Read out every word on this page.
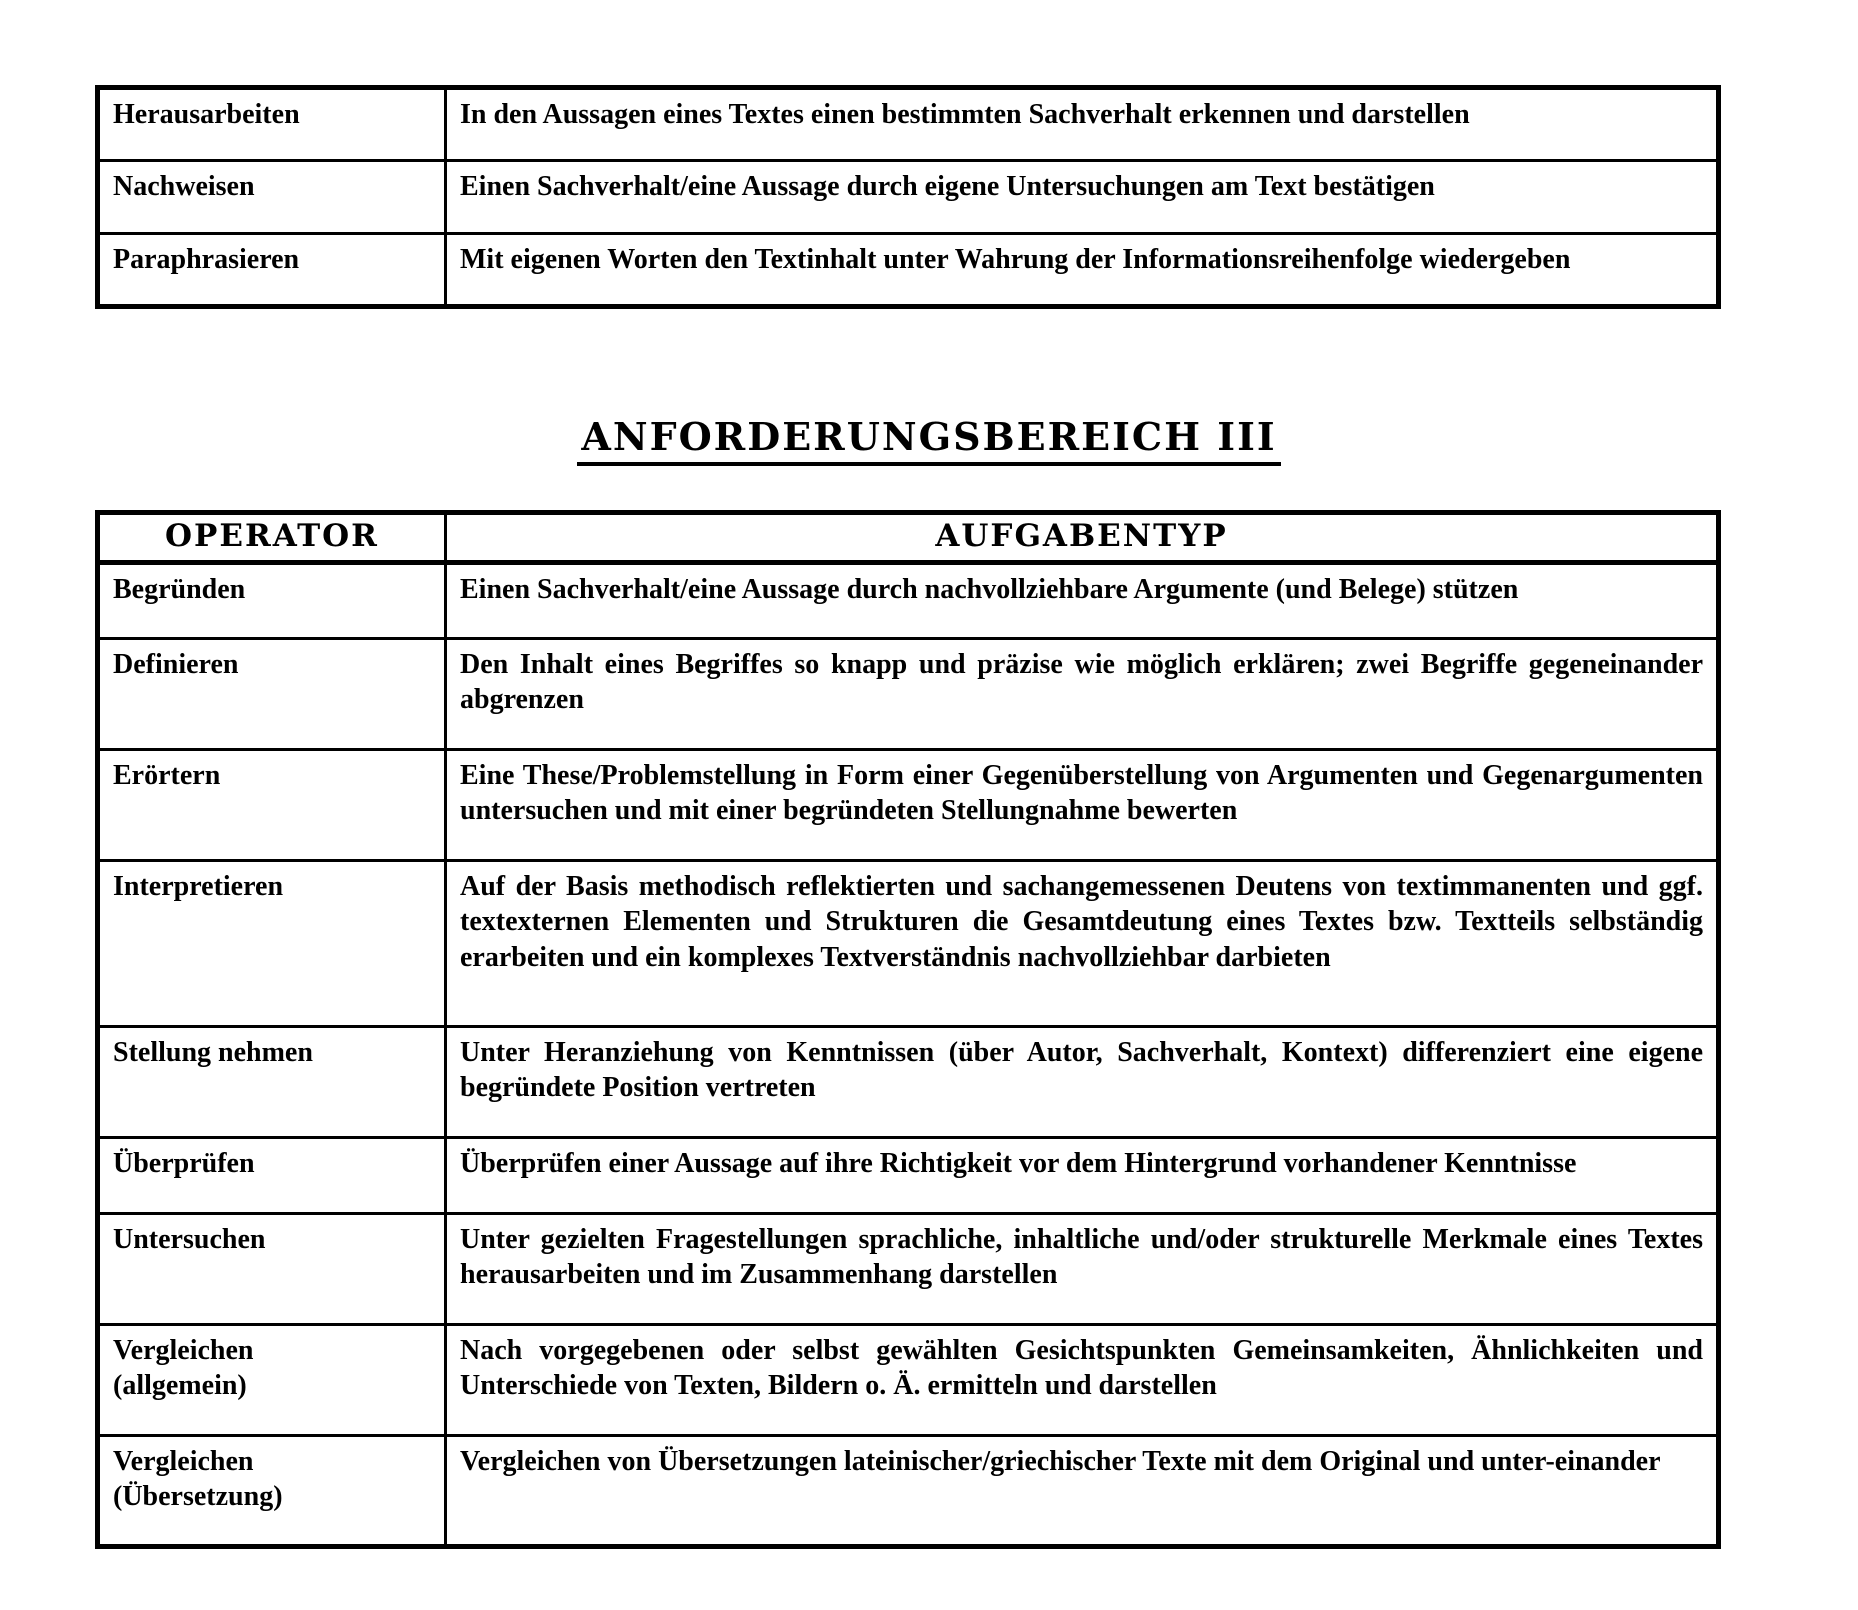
Herausarbeiten	In den Aussagen eines Textes einen bestimmten Sachverhalt erkennen und darstellen

Nachweisen	Einen Sachverhalt/eine Aussage durch eigene Untersuchungen am Text bestätigen

Paraphrasieren	Mit eigenen Worten den Textinhalt unter Wahrung der Informationsreihenfolge wiedergeben
ANFORDERUNGSBEREICH III
OPERATOR	AUFGABENTYP

Begründen	Einen Sachverhalt/eine Aussage durch nachvollziehbare Argumente (und Belege) stützen

Definieren	Den Inhalt eines Begriffes so knapp und präzise wie möglich erklären; zwei Begriffe gegeneinander abgrenzen

Erörtern	Eine These/Problemstellung in Form einer Gegenüberstellung von Argumenten und Gegenargumenten untersuchen und mit einer begründeten Stellungnahme bewerten

Interpretieren	Auf der Basis methodisch reflektierten und sachangemessenen Deutens von textimmanenten und ggf. textexternen Elementen und Strukturen die Gesamtdeutung eines Textes bzw. Textteils selbständig erarbeiten und ein komplexes Textverständnis nachvollziehbar darbieten

Stellung nehmen	Unter Heranziehung von Kenntnissen (über Autor, Sachverhalt, Kontext) differenziert eine eigene begründete Position vertreten

Überprüfen	Überprüfen einer Aussage auf ihre Richtigkeit vor dem Hintergrund vorhandener Kenntnisse

Untersuchen	Unter gezielten Fragestellungen sprachliche, inhaltliche und/oder strukturelle Merkmale eines Textes herausarbeiten und im Zusammenhang darstellen

Vergleichen
(allgemein)	Nach vorgegebenen oder selbst gewählten Gesichtspunkten Gemeinsamkeiten, Ähnlichkeiten und Unterschiede von Texten, Bildern o. Ä. ermitteln und darstellen

Vergleichen
(Übersetzung)	Vergleichen von Übersetzungen lateinischer/griechischer Texte mit dem Original und unter-einander
